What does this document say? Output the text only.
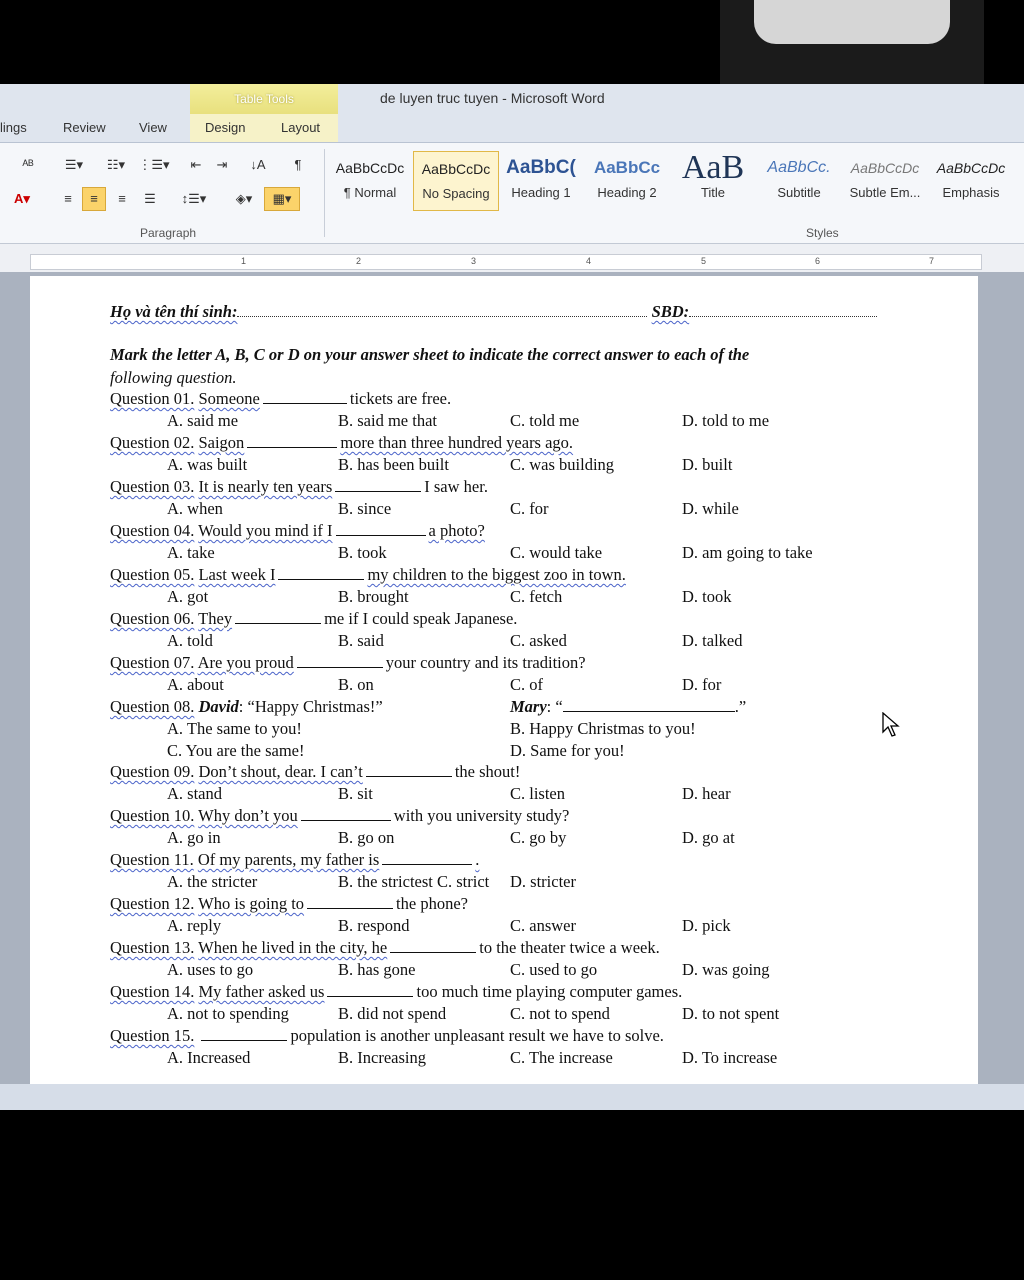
Table Tools	de luyen truc tuyen - Microsoft Word
lings	Review	View	Design	Layout
ᴬᴮ	☰▾	☷▾	⋮☰▾	⇤	⇥	↓A	¶
A▾	≡	≡	≡	☰	↕☰▾	◈▾	▦▾
Paragraph
AaBbCcDc
¶ Normal
AaBbCcDc
No Spacing
AaBbC(
Heading 1
AaBbCc
Heading 2
AaB
Title
AaBbCc.
Subtitle
AaBbCcDc
Subtle Em...
AaBbCcDc
Emphasis
Styles
1	2	3	4	5	6	7
Họ và tên thí sinh:	SBD:
Mark the letter A, B, C or D on your answer sheet to indicate the correct answer to each of the
following question.
Question 01. Someone	tickets are free.
A. said me	B. said me that	C. told me	D. told to me
Question 02. Saigon	more than three hundred years ago.
A. was built	B. has been built	C. was building	D. built
Question 03. It is nearly ten years	I saw her.
A. when	B. since	C. for	D. while
Question 04. Would you mind if I	a photo?
A. take	B. took	C. would take	D. am going to take
Question 05. Last week I	my children to the biggest zoo in town.
A. got	B. brought	C. fetch	D. took
Question 06. They	me if I could speak Japanese.
A. told	B. said	C. asked	D. talked
Question 07. Are you proud	your country and its tradition?
A. about	B. on	C. of	D. for
Question 08. David: “Happy Christmas!”	Mary: “	.”
A. The same to you!	B. Happy Christmas to you!
C. You are the same!	D. Same for you!
Question 09. Don’t shout, dear. I can’t	the shout!
A. stand	B. sit	C. listen	D. hear
Question 10. Why don’t you	with you university study?
A. go in	B. go on	C. go by	D. go at
Question 11. Of my parents, my father is	.
A. the stricter	B. the strictest C. strict D. stricter
Question 12. Who is going to	the phone?
A. reply	B. respond	C. answer	D. pick
Question 13. When he lived in the city, he	to the theater twice a week.
A. uses to go	B. has gone	C. used to go	D. was going
Question 14. My father asked us	too much time playing computer games.
A. not to spending	B. did not spend	C. not to spend	D. to not spent
Question 15.	population is another unpleasant result we have to solve.
A. Increased	B. Increasing	C. The increase	D. To increase
